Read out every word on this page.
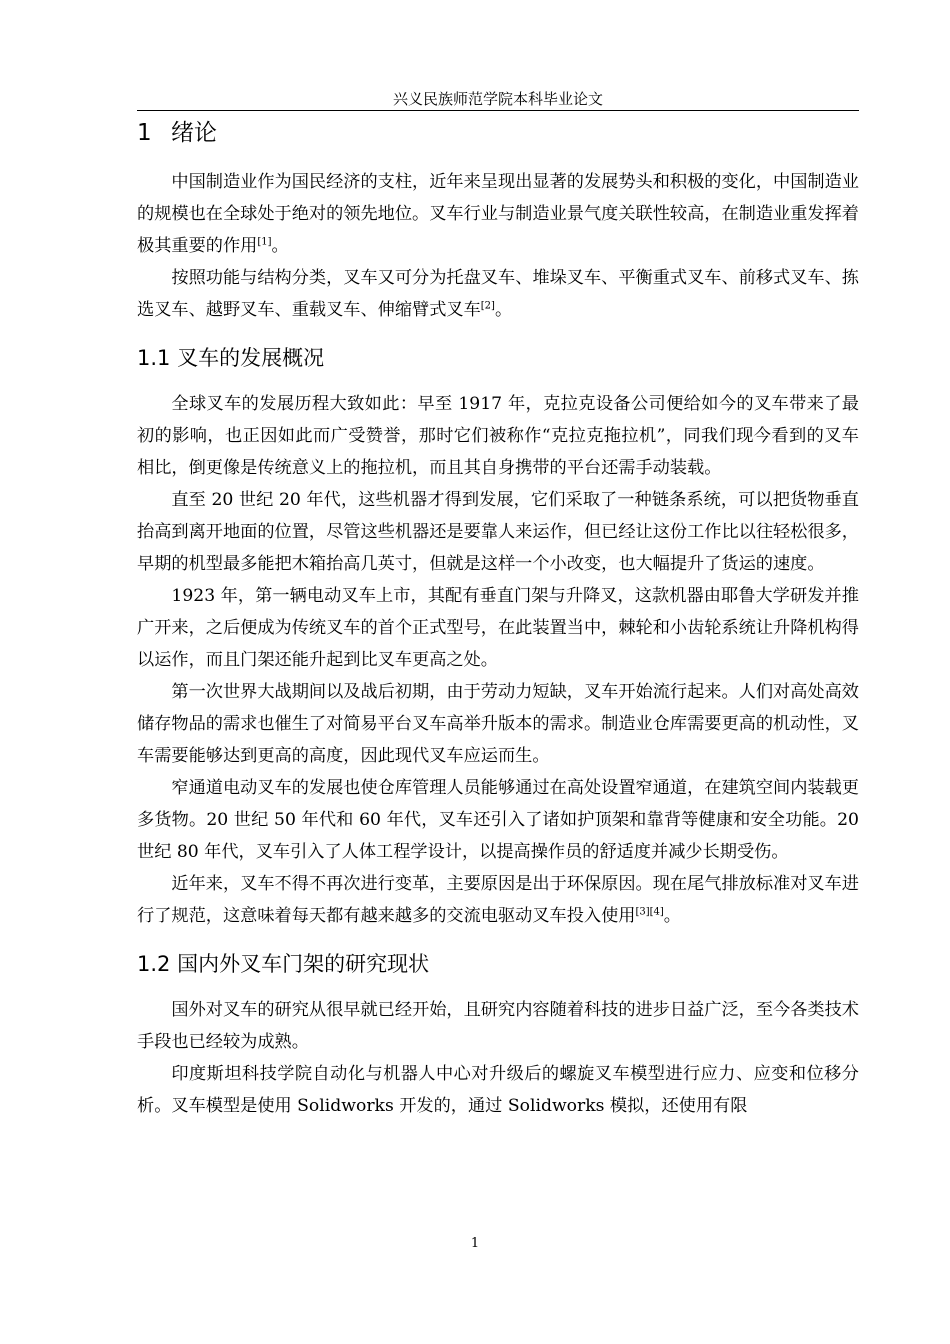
兴义民族师范学院本科毕业论文
1 绪论

中国制造业作为国民经济的支柱，近年来呈现出显著的发展势头和积极的变化，中国制造业的规模也在全球处于绝对的领先地位。叉车行业与制造业景气度关联性较高，在制造业重发挥着极其重要的作用[1]。

按照功能与结构分类，叉车又可分为托盘叉车、堆垛叉车、平衡重式叉车、前移式叉车、拣选叉车、越野叉车、重载叉车、伸缩臂式叉车[2]。

1.1 叉车的发展概况

全球叉车的发展历程大致如此：早至 1917 年，克拉克设备公司便给如今的叉车带来了最初的影响，也正因如此而广受赞誉，那时它们被称作“克拉克拖拉机”，同我们现今看到的叉车相比，倒更像是传统意义上的拖拉机，而且其自身携带的平台还需手动装载。

直至 20 世纪 20 年代，这些机器才得到发展，它们采取了一种链条系统，可以把货物垂直抬高到离开地面的位置，尽管这些机器还是要靠人来运作，但已经让这份工作比以往轻松很多，早期的机型最多能把木箱抬高几英寸，但就是这样一个小改变，也大幅提升了货运的速度。

1923 年，第一辆电动叉车上市，其配有垂直门架与升降叉，这款机器由耶鲁大学研发并推广开来，之后便成为传统叉车的首个正式型号，在此装置当中，棘轮和小齿轮系统让升降机构得以运作，而且门架还能升起到比叉车更高之处。

第一次世界大战期间以及战后初期，由于劳动力短缺，叉车开始流行起来。人们对高处高效储存物品的需求也催生了对简易平台叉车高举升版本的需求。制造业仓库需要更高的机动性，叉车需要能够达到更高的高度，因此现代叉车应运而生。

窄通道电动叉车的发展也使仓库管理人员能够通过在高处设置窄通道，在建筑空间内装载更多货物。20 世纪 50 年代和 60 年代，叉车还引入了诸如护顶架和靠背等健康和安全功能。20 世纪 80 年代，叉车引入了人体工程学设计，以提高操作员的舒适度并减少长期受伤。

近年来，叉车不得不再次进行变革，主要原因是出于环保原因。现在尾气排放标准对叉车进行了规范，这意味着每天都有越来越多的交流电驱动叉车投入使用[3][4]。

1.2 国内外叉车门架的研究现状

国外对叉车的研究从很早就已经开始，且研究内容随着科技的进步日益广泛，至今各类技术手段也已经较为成熟。

印度斯坦科技学院自动化与机器人中心对升级后的螺旋叉车模型进行应力、应变和位移分析。叉车模型是使用 Solidworks 开发的，通过 Solidworks 模拟，还使用有限

1
